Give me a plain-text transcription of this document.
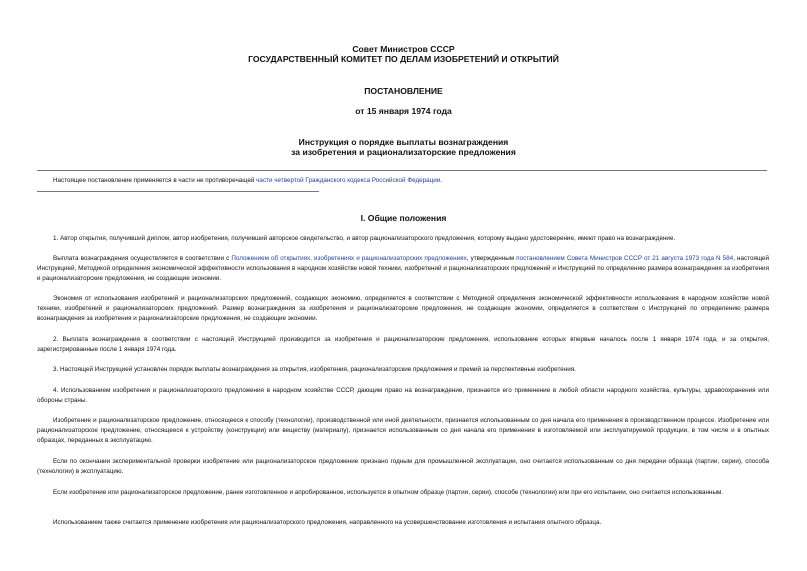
Совет Министров СССР
ГОСУДАРСТВЕННЫЙ КОМИТЕТ ПО ДЕЛАМ ИЗОБРЕТЕНИЙ И ОТКРЫТИЙ
ПОСТАНОВЛЕНИЕ
от 15 января 1974 года
Инструкция о порядке выплаты вознаграждения
за изобретения и рационализаторские предложения

Настоящее постановление применяется в части не противоречащей части четвертой Гражданского кодекса Российской Федерации.

I. Общие положения

1. Автор открытия, получивший диплом, автор изобретения, получивший авторское свидетельство, и автор рационализаторского предложения, которому выдано удостоверение, имеют право на вознаграждение.

Выплата вознаграждения осуществляется в соответствии с Положением об открытиях, изобретениях и рационализаторских предложениях, утвержденным постановлением Совета Министров СССР от 21 августа 1973 года N 584, настоящей Инструкцией, Методикой определения экономической эффективности использования в народном хозяйстве новой техники, изобретений и рационализаторских предложений и Инструкцией по определению размера вознаграждения за изобретения и рационализаторские предложения, не создающие экономии.

Экономия от использования изобретений и рационализаторских предложений, создающих экономию, определяется в соответствии с Методикой определения экономической эффективности использования в народном хозяйстве новой техники, изобретений и рационализаторских предложений. Размер вознаграждения за изобретения и рационализаторские предложения, не создающие экономии, определяется в соответствии с Инструкцией по определению размера вознаграждения за изобретения и рационализаторские предложения, не создающие экономии.

2. Выплата вознаграждения в соответствии с настоящей Инструкцией производится за изобретения и рационализаторские предложения, использование которых впервые началось после 1 января 1974 года, и за открытия, зарегистрированные после 1 января 1974 года.

3. Настоящей Инструкцией установлен порядок выплаты вознаграждения за открытия, изобретения, рационализаторские предложения и премий за перспективные изобретения.

4. Использованием изобретения и рационализаторского предложения в народном хозяйстве СССР, дающим право на вознаграждение, признается его применение в любой области народного хозяйства, культуры, здравоохранения или обороны страны.

Изобретение и рационализаторское предложение, относящееся к способу (технологии), производственной или иной деятельности, признается использованным со дня начала его применения в производственном процессе. Изобретение или рационализаторское предложение, относящееся к устройству (конструкции) или веществу (материалу), признается использованным со дня начала его применения в изготовляемой или эксплуатируемой продукции, в том числе и в опытных образцах, переданных в эксплуатацию.

Если по окончании экспериментальной проверки изобретение или рационализаторское предложение признано годным для промышленной эксплуатации, оно считается использованным со дня передачи образца (партии, серии), способа (технологии) в эксплуатацию.

Если изобретение или рационализаторское предложение, ранее изготовленное и апробированное, используется в опытном образце (партии, серии), способе (технологии) или при его испытании, оно считается использованным.

Использованием также считается применение изобретения или рационализаторского предложения, направленного на усовершенствование изготовления и испытания опытного образца.
